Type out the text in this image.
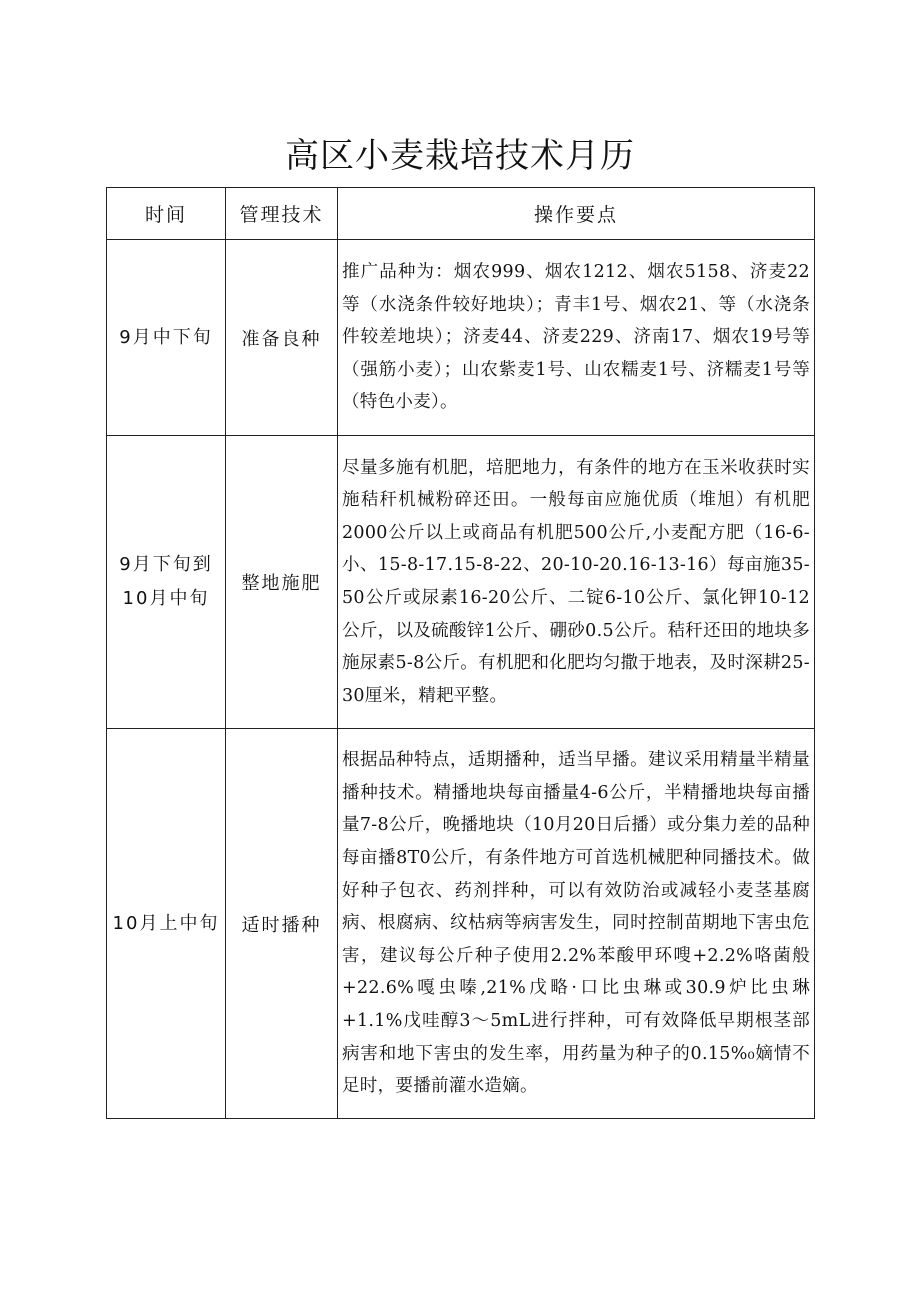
高区小麦栽培技术月历
时间	管理技术	操作要点
9月中下旬	准备良种	推广品种为：烟农999、烟农1212、烟农5158、济麦22等（水浇条件较好地块）；青丰1号、烟农21、等（水浇条件较差地块）；济麦44、济麦229、济南17、烟农19号等（强筋小麦）；山农紫麦1号、山农糯麦1号、济糯麦1号等（特色小麦）。
9月下旬到10月中旬	整地施肥	尽量多施有机肥，培肥地力，有条件的地方在玉米收获时实施秸秆机械粉碎还田。一般每亩应施优质（堆旭）有机肥2000公斤以上或商品有机肥500公斤,小麦配方肥（16-6-小、15-8-17.15-8-22、20-10-20.16-13-16）每亩施35-50公斤或尿素16-20公斤、二锭6-10公斤、氯化钾10-12公斤，以及硫酸锌1公斤、硼砂0.5公斤。秸秆还田的地块多施尿素5-8公斤。有机肥和化肥均匀撒于地表，及时深耕25-30厘米，精耙平整。
10月上中旬	适时播种	根据品种特点，适期播种，适当早播。建议采用精量半精量播种技术。精播地块每亩播量4-6公斤，半精播地块每亩播量7-8公斤，晚播地块（10月20日后播）或分集力差的品种每亩播8T0公斤，有条件地方可首选机械肥种同播技术。做好种子包衣、药剂拌种，可以有效防治或减轻小麦茎基腐病、根腐病、纹枯病等病害发生，同时控制苗期地下害虫危害，建议每公斤种子使用2.2%苯酸甲环嗖+2.2%咯菌般+22.6%嘎虫嗪,21%戊略·口比虫琳或30.9炉比虫琳+1.1%戊哇醇3～5mL进行拌种，可有效降低早期根茎部病害和地下害虫的发生率，用药量为种子的0.15%₀嫡情不足时，要播前灌水造嫡。
